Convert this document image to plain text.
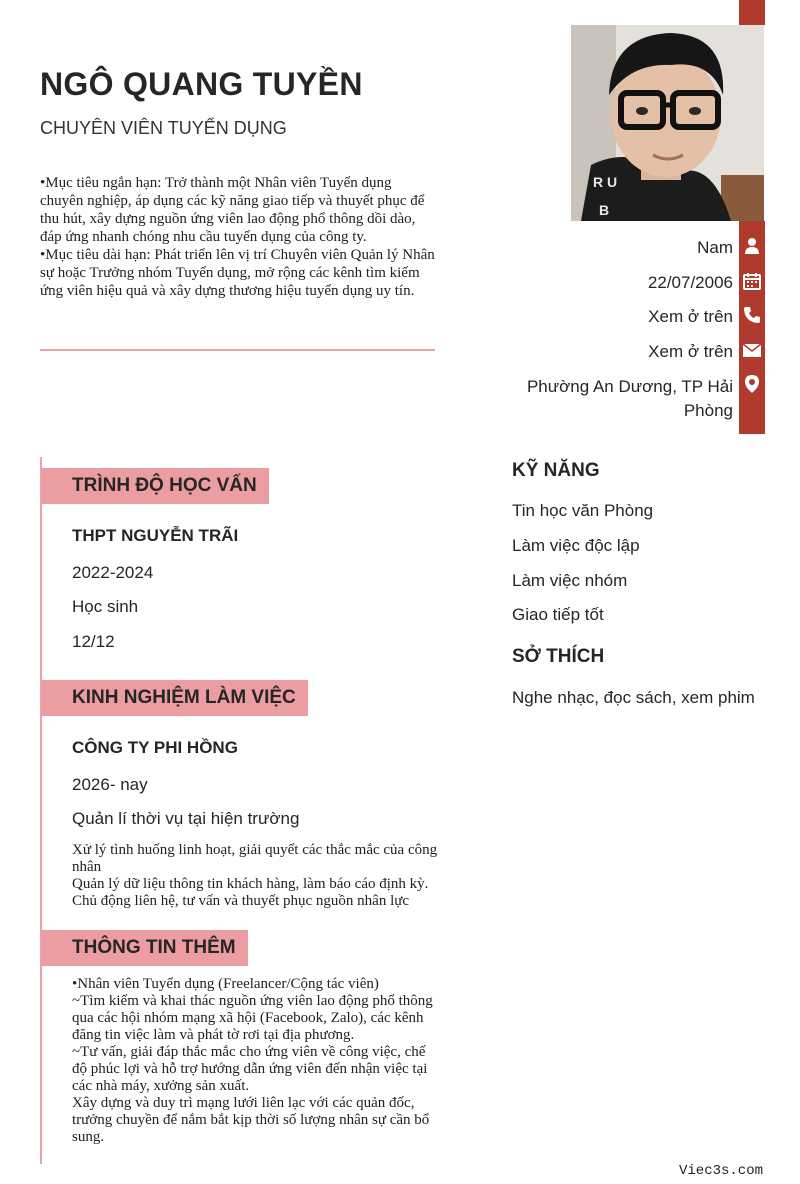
NGÔ QUANG TUYỀN
CHUYÊN VIÊN TUYỂN DỤNG

•Mục tiêu ngắn hạn: Trở thành một Nhân viên Tuyển dụng chuyên nghiệp, áp dụng các kỹ năng giao tiếp và thuyết phục để thu hút, xây dựng nguồn ứng viên lao động phổ thông dồi dào, đáp ứng nhanh chóng nhu cầu tuyển dụng của công ty.

•Mục tiêu dài hạn: Phát triển lên vị trí Chuyên viên Quản lý Nhân sự hoặc Trưởng nhóm Tuyển dụng, mở rộng các kênh tìm kiếm ứng viên hiệu quả và xây dựng thương hiệu tuyển dụng uy tín.

R U
B
Nam
22/07/2006
Xem ở trên
Xem ở trên
Phường An Dương, TP Hải
Phòng
TRÌNH ĐỘ HỌC VẤN
THPT NGUYỄN TRÃI
2022-2024
Học sinh
12/12
KINH NGHIỆM LÀM VIỆC
CÔNG TY PHI HỒNG
2026- nay
Quản lí thời vụ tại hiện trường

Xử lý tình huống linh hoạt, giải quyết các thắc mắc của công nhân

Quản lý dữ liệu thông tin khách hàng, làm báo cáo định kỳ.

Chủ động liên hệ, tư vấn và thuyết phục nguồn nhân lực

THÔNG TIN THÊM

•Nhân viên Tuyển dụng (Freelancer/Cộng tác viên)

~Tìm kiếm và khai thác nguồn ứng viên lao động phổ thông qua các hội nhóm mạng xã hội (Facebook, Zalo), các kênh đăng tin việc làm và phát tờ rơi tại địa phương.

~Tư vấn, giải đáp thắc mắc cho ứng viên về công việc, chế độ phúc lợi và hỗ trợ hướng dẫn ứng viên đến nhận việc tại các nhà máy, xưởng sản xuất.

Xây dựng và duy trì mạng lưới liên lạc với các quản đốc, trưởng chuyền để nắm bắt kịp thời số lượng nhân sự cần bổ sung.

KỸ NĂNG
Tin học văn Phòng
Làm việc độc lập
Làm việc nhóm
Giao tiếp tốt
SỞ THÍCH
Nghe nhạc, đọc sách, xem phim
Viec3s.com
